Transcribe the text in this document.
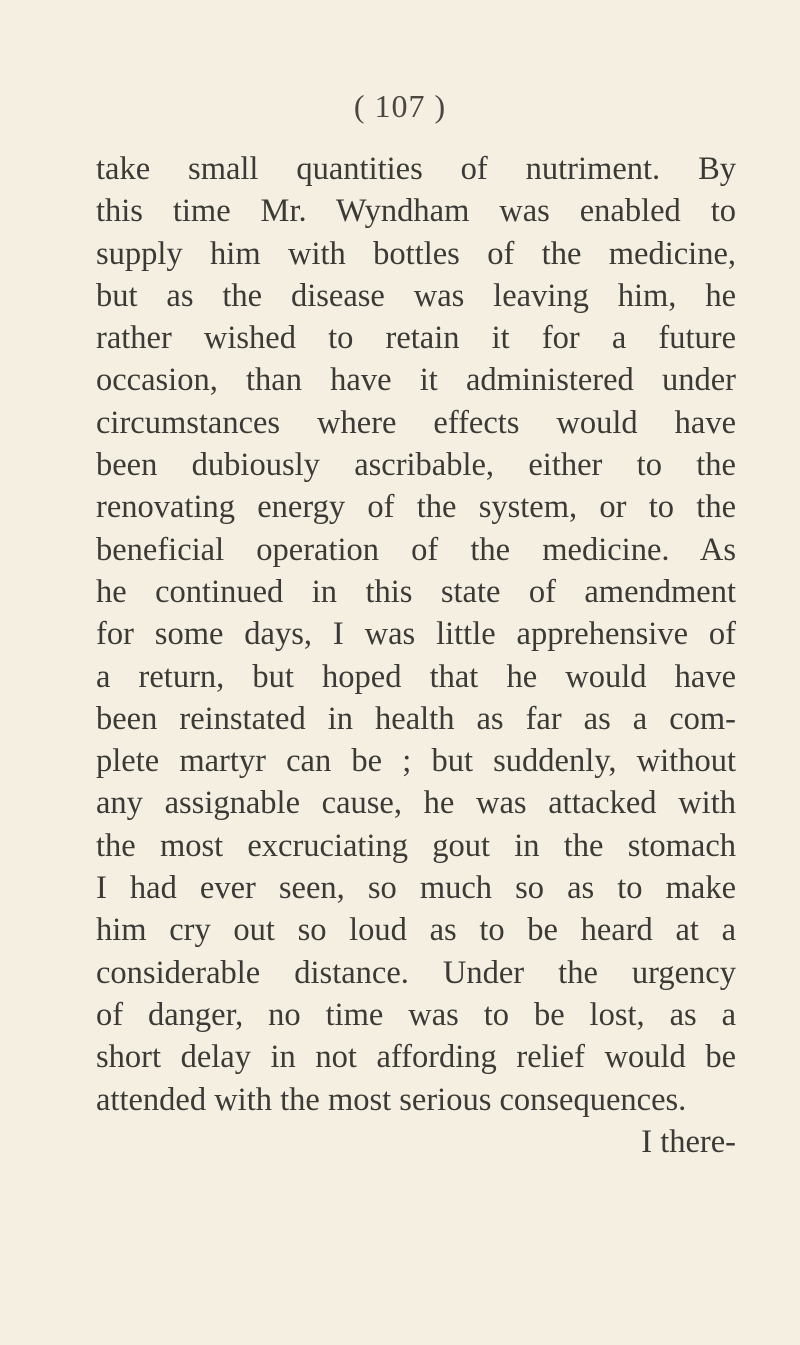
( 107 )
take small quantities of nutriment. By
this time Mr. Wyndham was enabled to
supply him with bottles of the medicine,
but as the disease was leaving him, he
rather wished to retain it for a future
occasion, than have it administered under
circumstances where effects would have
been dubiously ascribable, either to the
renovating energy of the system, or to the
beneficial operation of the medicine. As
he continued in this state of amendment
for some days, I was little apprehensive of
a return, but hoped that he would have
been reinstated in health as far as a com-
plete martyr can be ; but suddenly, without
any assignable cause, he was attacked with
the most excruciating gout in the stomach
I had ever seen, so much so as to make
him cry out so loud as to be heard at a
considerable distance. Under the urgency
of danger, no time was to be lost, as a
short delay in not affording relief would be
attended with the most serious consequences.
I there-
